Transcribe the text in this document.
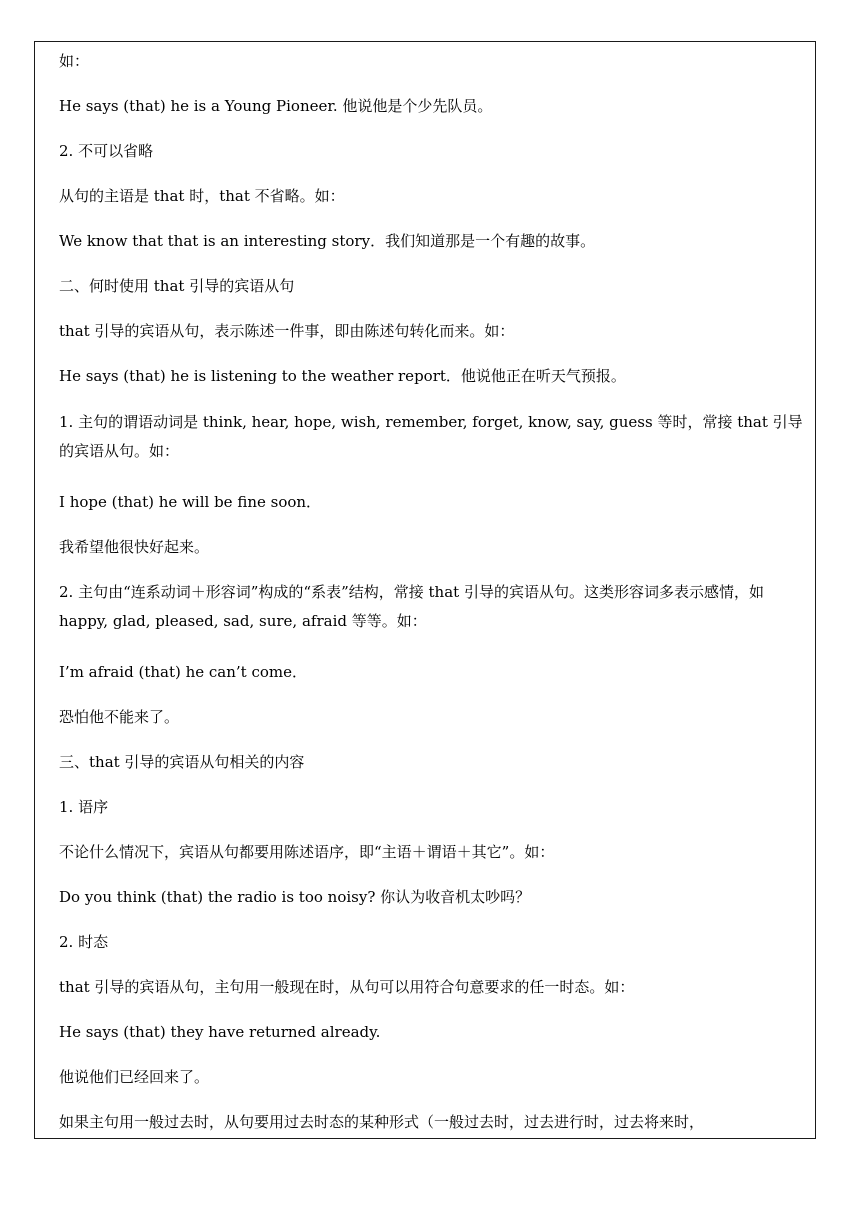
如：
He says (that) he is a Young Pioneer. 他说他是个少先队员。
2. 不可以省略
从句的主语是 that 时，that 不省略。如：
We know that that is an interesting story．我们知道那是一个有趣的故事。
二、何时使用 that 引导的宾语从句
that 引导的宾语从句，表示陈述一件事，即由陈述句转化而来。如：
He says (that) he is listening to the weather report．他说他正在听天气预报。
1. 主句的谓语动词是 think, hear, hope, wish, remember, forget, know, say, guess 等时，常接 that 引导的宾语从句。如：
I hope (that) he will be fine soon．
我希望他很快好起来。
2. 主句由“连系动词＋形容词”构成的“系表”结构，常接 that 引导的宾语从句。这类形容词多表示感情，如 happy, glad, pleased, sad, sure, afraid 等等。如：
I’m afraid (that) he can’t come．
恐怕他不能来了。
三、that 引导的宾语从句相关的内容
1. 语序
不论什么情况下，宾语从句都要用陈述语序，即“主语＋谓语＋其它”。如：
Do you think (that) the radio is too noisy? 你认为收音机太吵吗？
2. 时态
that 引导的宾语从句，主句用一般现在时，从句可以用符合句意要求的任一时态。如：
He says (that) they have returned already.
他说他们已经回来了。
如果主句用一般过去时，从句要用过去时态的某种形式（一般过去时，过去进行时，过去将来时，
